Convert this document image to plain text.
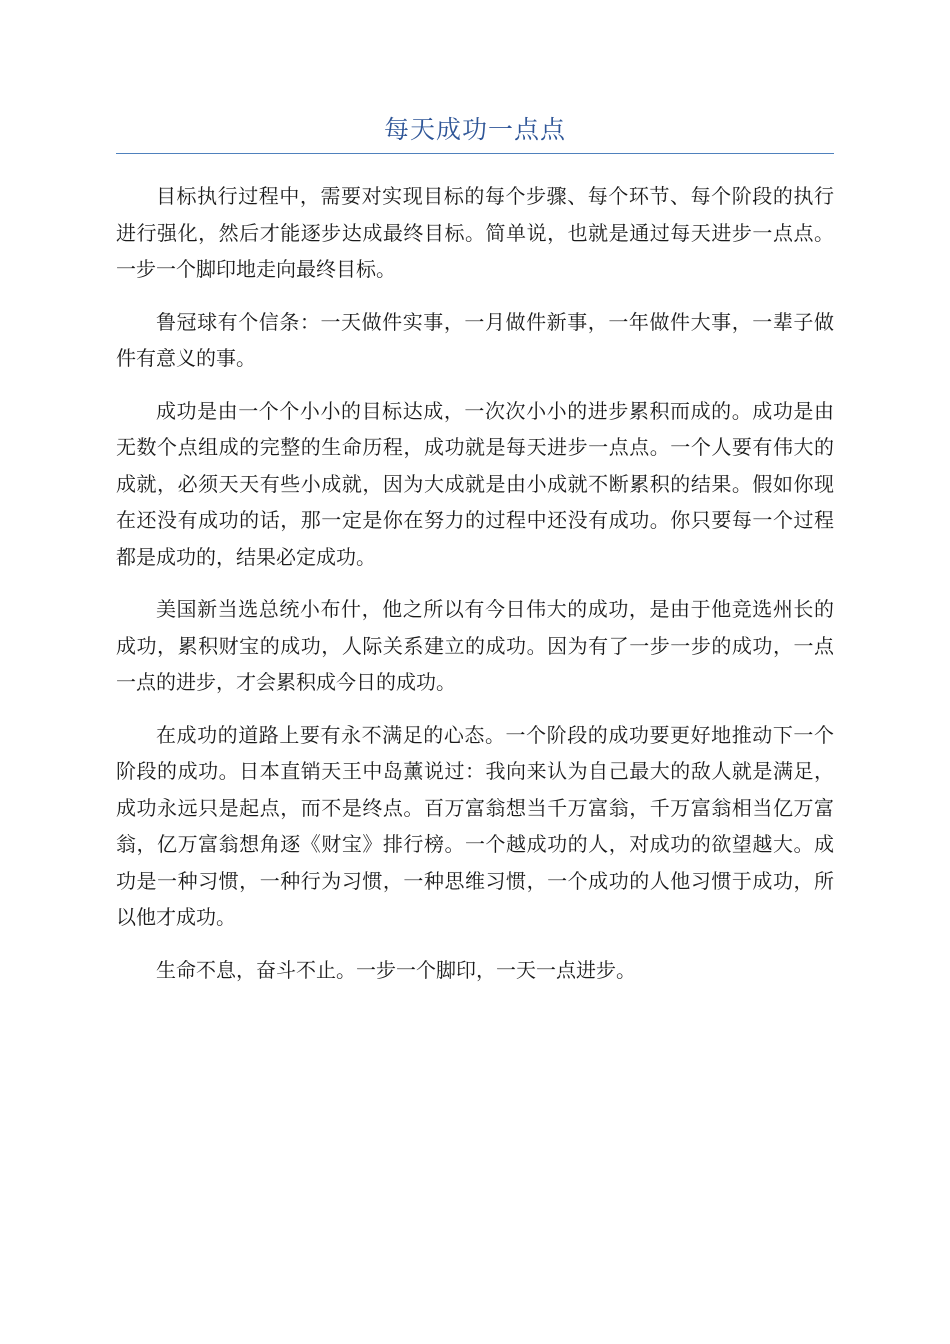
每天成功一点点

目标执行过程中，需要对实现目标的每个步骤、每个环节、每个阶段的执行进行强化，然后才能逐步达成最终目标。简单说，也就是通过每天进步一点点。一步一个脚印地走向最终目标。

鲁冠球有个信条：一天做件实事，一月做件新事，一年做件大事，一辈子做件有意义的事。

成功是由一个个小小的目标达成，一次次小小的进步累积而成的。成功是由无数个点组成的完整的生命历程，成功就是每天进步一点点。一个人要有伟大的成就，必须天天有些小成就，因为大成就是由小成就不断累积的结果。假如你现在还没有成功的话，那一定是你在努力的过程中还没有成功。你只要每一个过程都是成功的，结果必定成功。

美国新当选总统小布什，他之所以有今日伟大的成功，是由于他竞选州长的成功，累积财宝的成功，人际关系建立的成功。因为有了一步一步的成功，一点一点的进步，才会累积成今日的成功。

在成功的道路上要有永不满足的心态。一个阶段的成功要更好地推动下一个阶段的成功。日本直销天王中岛薰说过：我向来认为自己最大的敌人就是满足，成功永远只是起点，而不是终点。百万富翁想当千万富翁，千万富翁相当亿万富翁，亿万富翁想角逐《财宝》排行榜。一个越成功的人，对成功的欲望越大。成功是一种习惯，一种行为习惯，一种思维习惯，一个成功的人他习惯于成功，所以他才成功。

生命不息，奋斗不止。一步一个脚印，一天一点进步。
